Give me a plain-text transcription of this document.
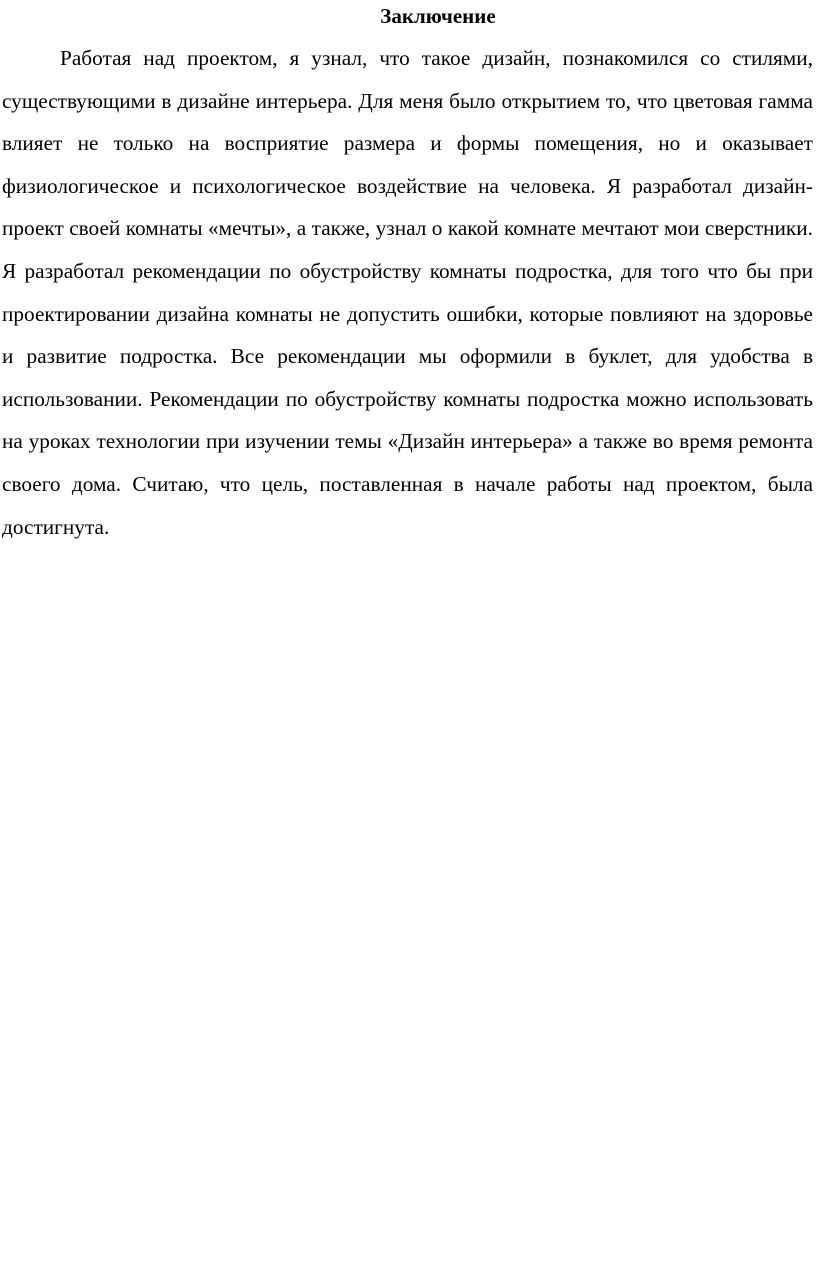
Заключение

Работая над проектом, я узнал, что такое дизайн, познакомился со стилями, существующими в дизайне интерьера. Для меня было открытием то, что цветовая гамма влияет не только на восприятие размера и формы помещения, но и оказывает физиологическое и психологическое воздействие на человека. Я разработал дизайн-проект своей комнаты «мечты», а также, узнал о какой комнате мечтают мои сверстники. Я разработал рекомендации по обустройству комнаты подростка, для того что бы при проектировании дизайна комнаты не допустить ошибки, которые повлияют на здоровье и развитие подростка. Все рекомендации мы оформили в буклет, для удобства в использовании. Рекомендации по обустройству комнаты подростка можно использовать на уроках технологии при изучении темы «Дизайн интерьера» а также во время ремонта своего дома. Считаю, что цель, поставленная в начале работы над проектом, была достигнута.
